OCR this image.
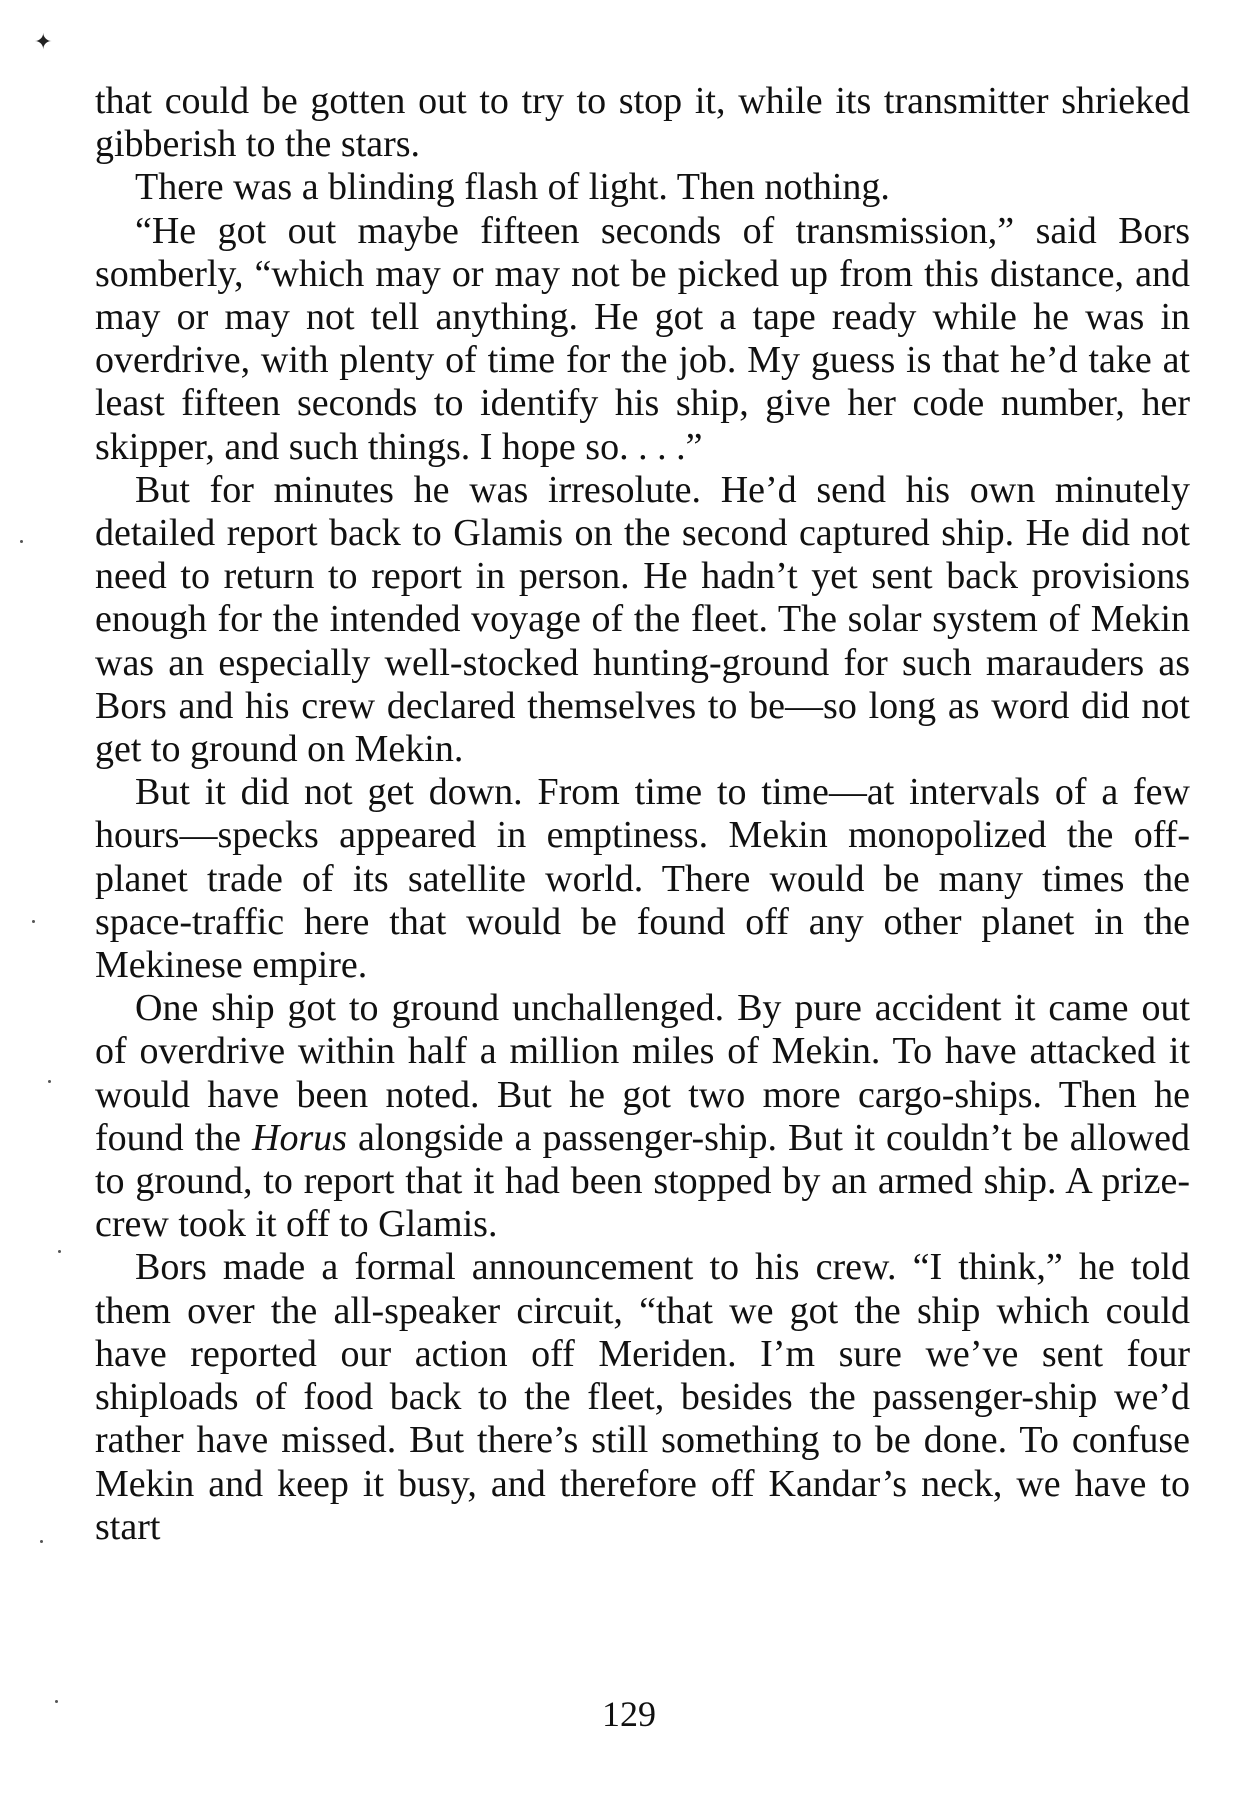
✦

that could be gotten out to try to stop it, while its transmitter shrieked gibberish to the stars.

There was a blinding flash of light. Then nothing.

“He got out maybe fifteen seconds of transmission,” said Bors somberly, “which may or may not be picked up from this distance, and may or may not tell anything. He got a tape ready while he was in overdrive, with plenty of time for the job. My guess is that he’d take at least fifteen seconds to identify his ship, give her code number, her skipper, and such things. I hope so. . . .”

But for minutes he was irresolute. He’d send his own minutely detailed report back to Glamis on the second captured ship. He did not need to return to report in person. He hadn’t yet sent back provisions enough for the intended voyage of the fleet. The solar system of Mekin was an especially well-stocked hunting-ground for such marauders as Bors and his crew declared themselves to be—so long as word did not get to ground on Mekin.

But it did not get down. From time to time—at intervals of a few hours—specks appeared in emptiness. Mekin monopolized the off-planet trade of its satellite world. There would be many times the space-traffic here that would be found off any other planet in the Mekinese empire.

One ship got to ground unchallenged. By pure accident it came out of overdrive within half a million miles of Mekin. To have attacked it would have been noted. But he got two more cargo-ships. Then he found the Horus alongside a passenger-ship. But it couldn’t be allowed to ground, to report that it had been stopped by an armed ship. A prize-crew took it off to Glamis.

Bors made a formal announcement to his crew. “I think,” he told them over the all-speaker circuit, “that we got the ship which could have reported our action off Meriden. I’m sure we’ve sent four shiploads of food back to the fleet, besides the passenger-ship we’d rather have missed. But there’s still something to be done. To confuse Mekin and keep it busy, and therefore off Kandar’s neck, we have to start

129
